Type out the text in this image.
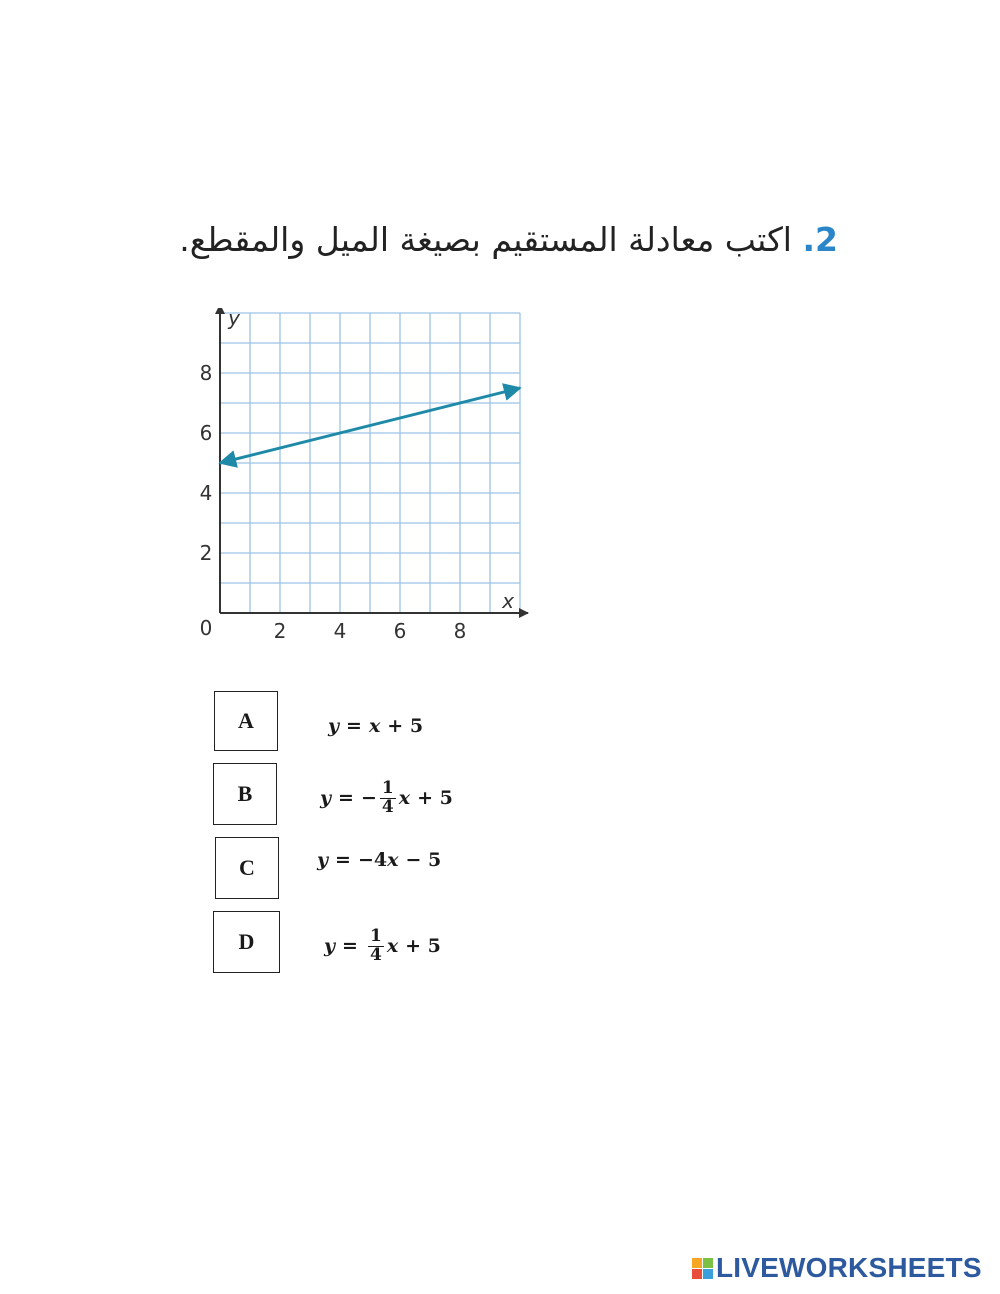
2. اكتب معادلة المستقيم بصيغة الميل والمقطع.
2 4 6 8
2
4
6
8
0
x
y
A	y = x + 5
B	y = − $\frac{1}{4}$ x + 5
C	y = − 4 x − 5
D	$y = \frac{1}{4}$ x + 5
LIVEWORKSHEETS
